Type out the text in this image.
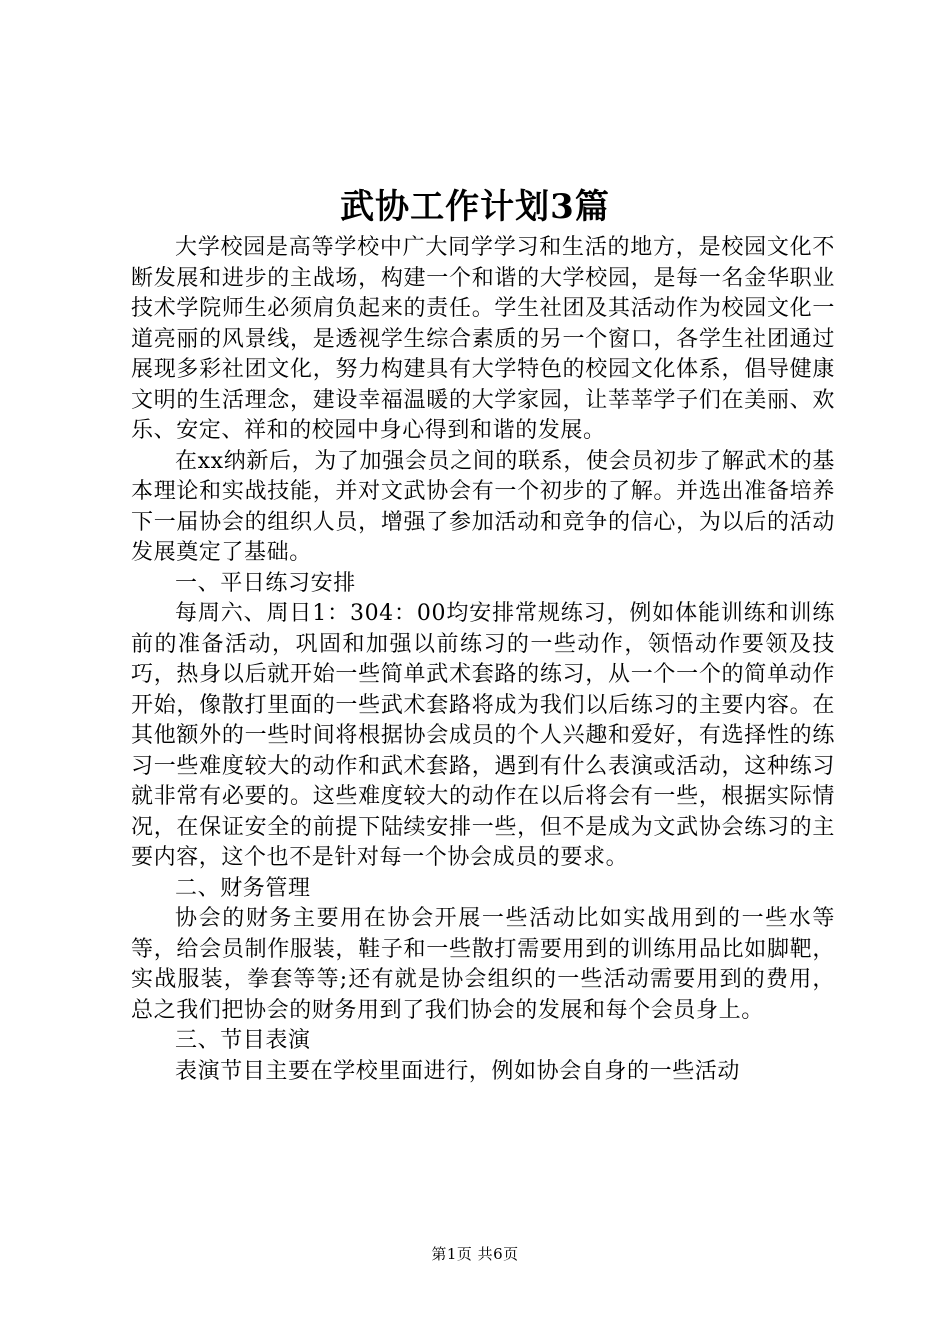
武协工作计划3篇

大学校园是高等学校中广大同学学习和生活的地方，是校园文化不断发展和进步的主战场，构建一个和谐的大学校园，是每一名金华职业技术学院师生必须肩负起来的责任。学生社团及其活动作为校园文化一道亮丽的风景线，是透视学生综合素质的另一个窗口，各学生社团通过展现多彩社团文化，努力构建具有大学特色的校园文化体系，倡导健康文明的生活理念，建设幸福温暖的大学家园，让莘莘学子们在美丽、欢乐、安定、祥和的校园中身心得到和谐的发展。

在xx纳新后，为了加强会员之间的联系，使会员初步了解武术的基本理论和实战技能，并对文武协会有一个初步的了解。并选出准备培养下一届协会的组织人员，增强了参加活动和竞争的信心，为以后的活动发展奠定了基础。

一、平日练习安排

每周六、周日1：304：00均安排常规练习，例如体能训练和训练前的准备活动，巩固和加强以前练习的一些动作，领悟动作要领及技巧，热身以后就开始一些简单武术套路的练习，从一个一个的简单动作开始，像散打里面的一些武术套路将成为我们以后练习的主要内容。在其他额外的一些时间将根据协会成员的个人兴趣和爱好，有选择性的练习一些难度较大的动作和武术套路，遇到有什么表演或活动，这种练习就非常有必要的。这些难度较大的动作在以后将会有一些，根据实际情况，在保证安全的前提下陆续安排一些，但不是成为文武协会练习的主要内容，这个也不是针对每一个协会成员的要求。

二、财务管理

协会的财务主要用在协会开展一些活动比如实战用到的一些水等等，给会员制作服装，鞋子和一些散打需要用到的训练用品比如脚靶，实战服装，拳套等等;还有就是协会组织的一些活动需要用到的费用，总之我们把协会的财务用到了我们协会的发展和每个会员身上。

三、节目表演

表演节目主要在学校里面进行，例如协会自身的一些活动

第1页 共6页
